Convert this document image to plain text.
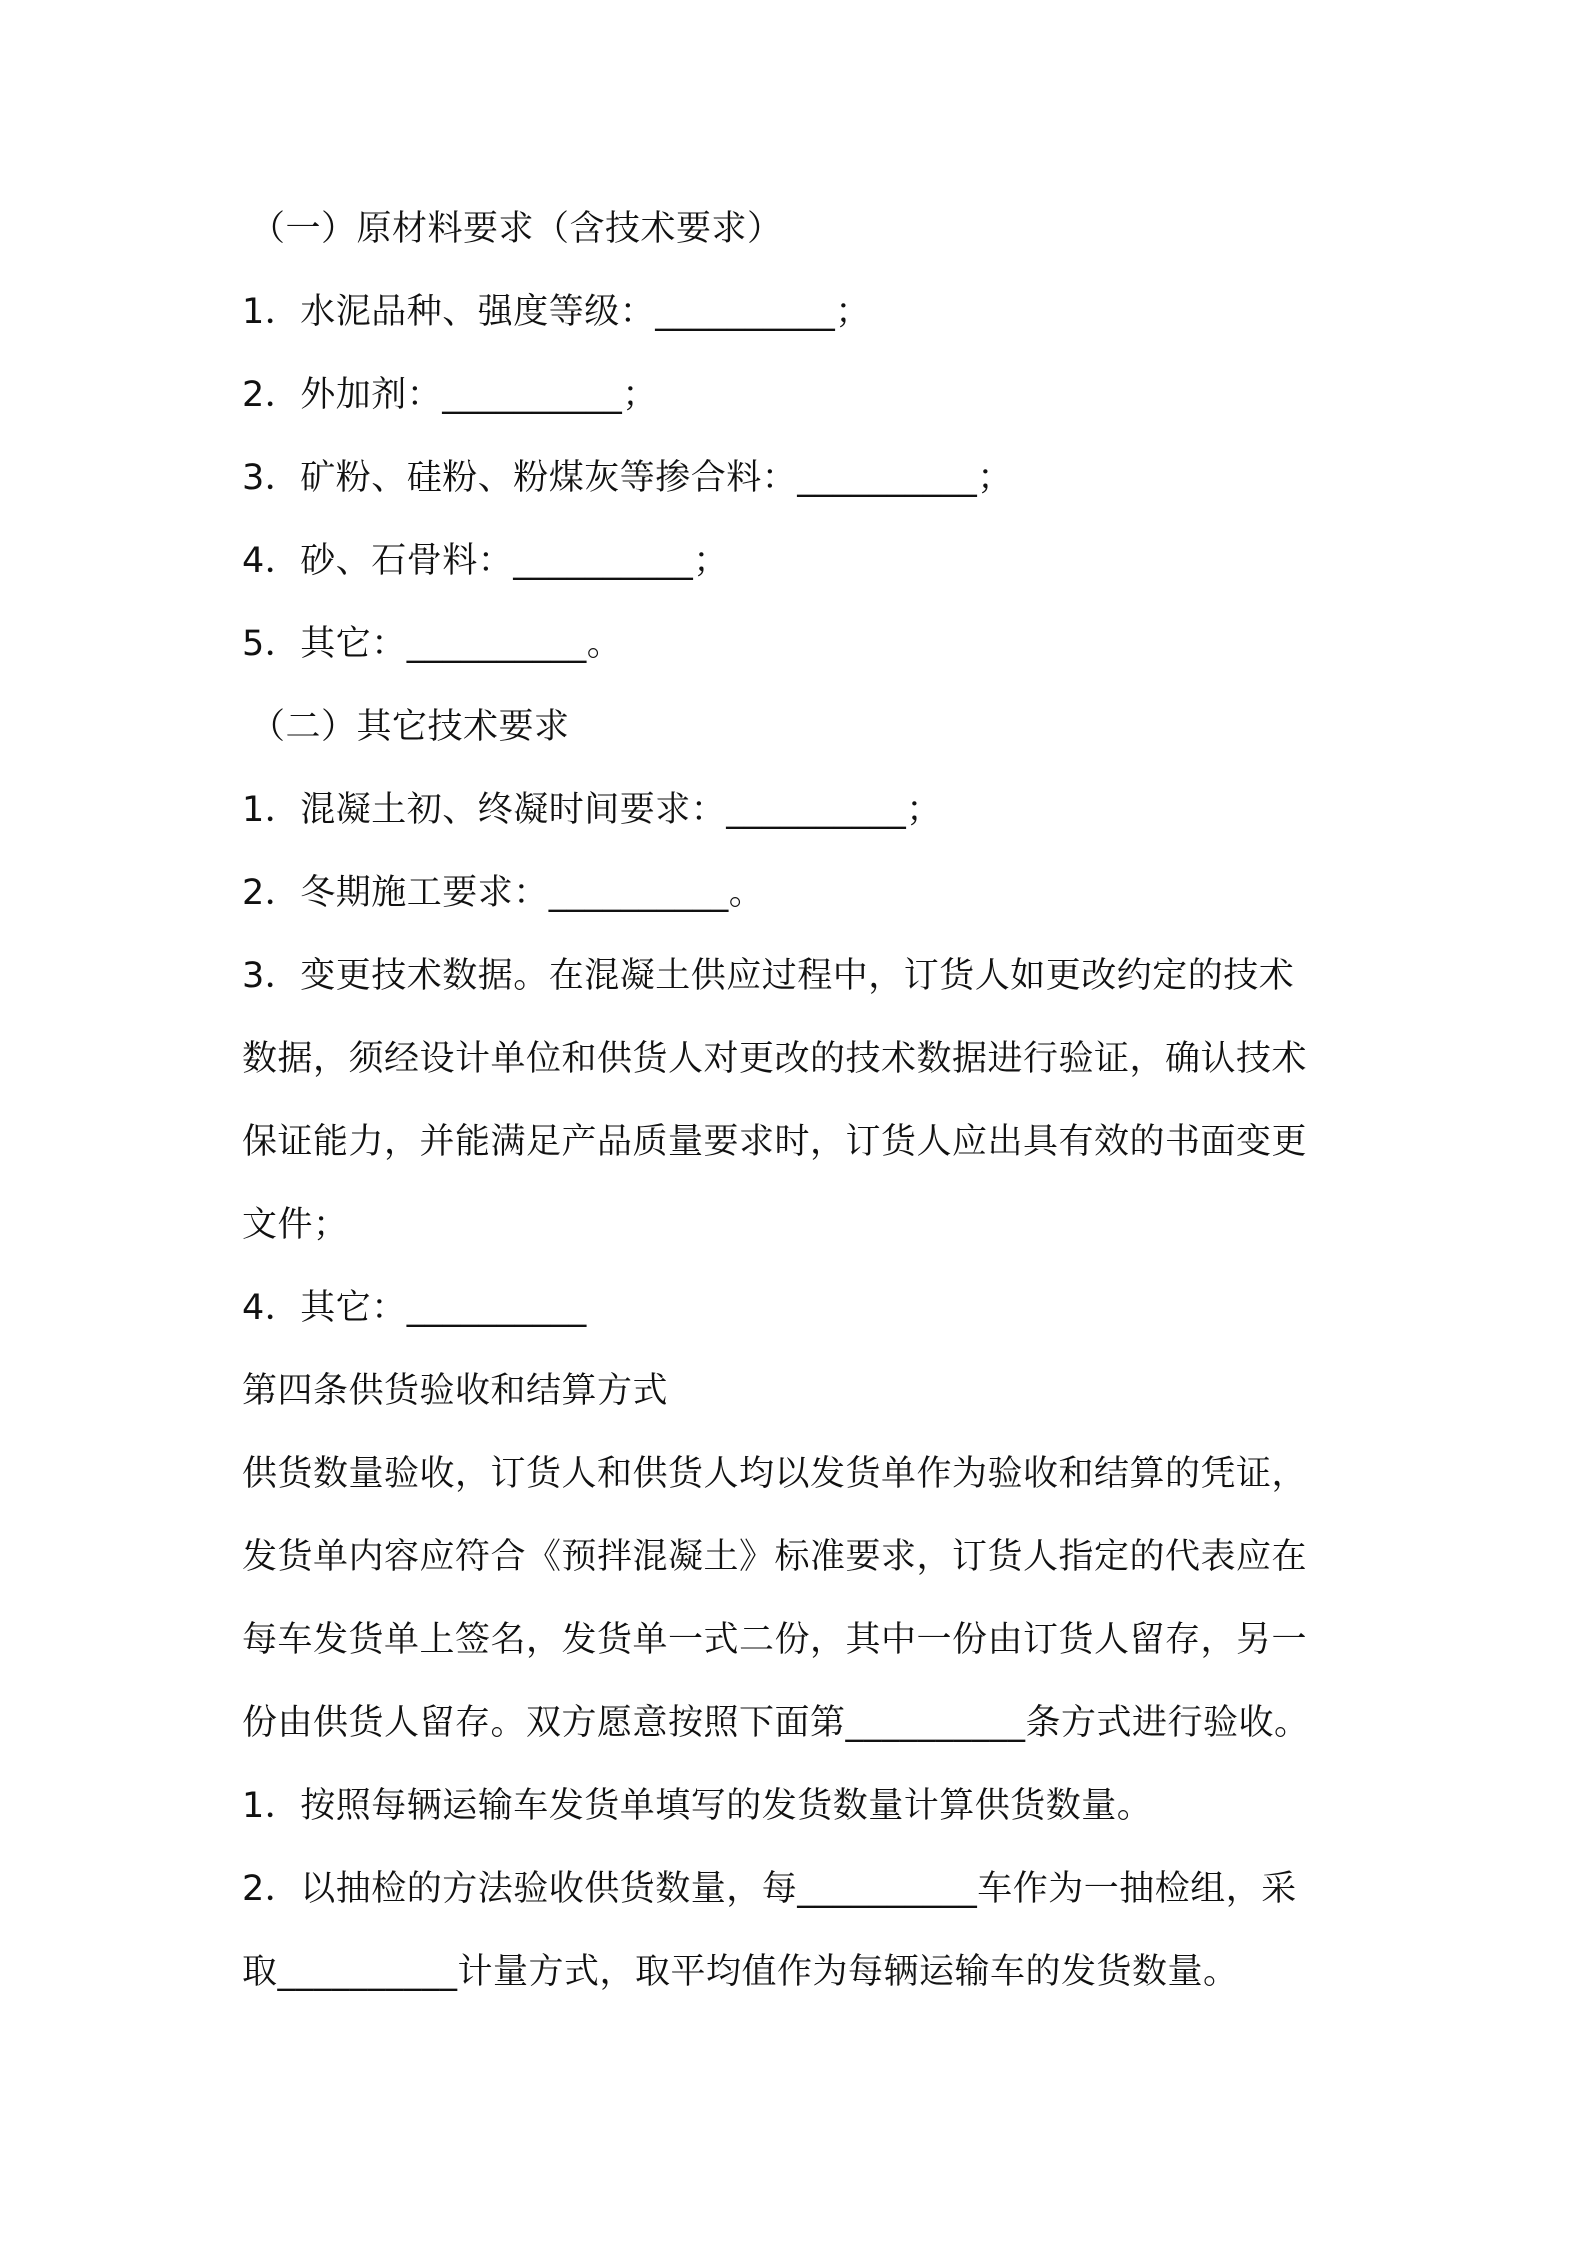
（一）原材料要求（含技术要求）
1．水泥品种、强度等级：__________；
2．外加剂：__________；
3．矿粉、硅粉、粉煤灰等掺合料：__________；
4．砂、石骨料：__________；
5．其它：__________。
（二）其它技术要求
1．混凝土初、终凝时间要求：__________；
2．冬期施工要求：__________。
3．变更技术数据。在混凝土供应过程中，订货人如更改约定的技术
数据，须经设计单位和供货人对更改的技术数据进行验证，确认技术
保证能力，并能满足产品质量要求时，订货人应出具有效的书面变更
文件；
4．其它：__________
第四条供货验收和结算方式
供货数量验收，订货人和供货人均以发货单作为验收和结算的凭证，
发货单内容应符合《预拌混凝土》标准要求，订货人指定的代表应在
每车发货单上签名，发货单一式二份，其中一份由订货人留存，另一
份由供货人留存。双方愿意按照下面第__________条方式进行验收。
1．按照每辆运输车发货单填写的发货数量计算供货数量。
2．以抽检的方法验收供货数量，每__________车作为一抽检组，采
取__________计量方式，取平均值作为每辆运输车的发货数量。
